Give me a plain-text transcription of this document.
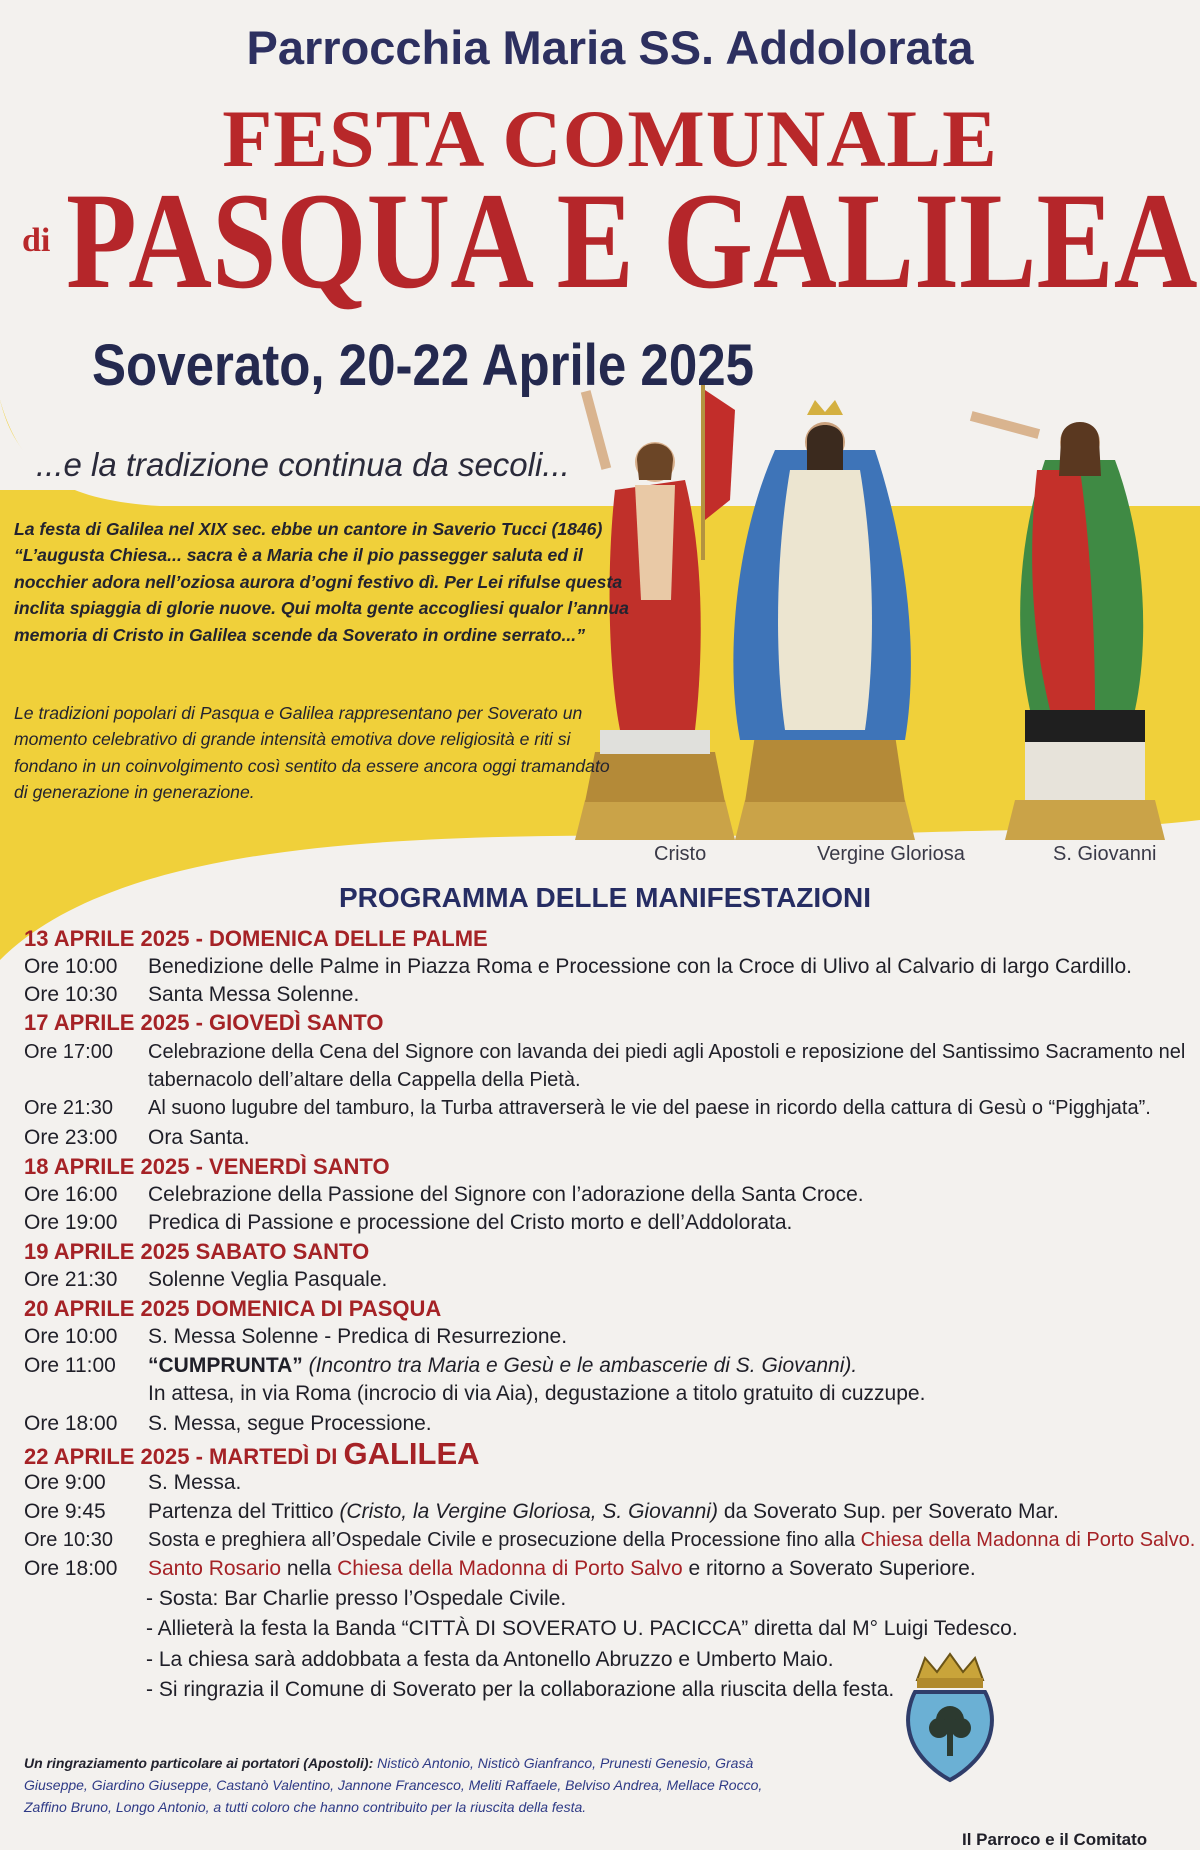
Parrocchia Maria SS. Addolorata

FESTA COMUNALE

di PASQUA E GALILEA

Soverato, 20-22 Aprile 2025

...e la tradizione continua da secoli...

La festa di Galilea nel XIX sec. ebbe un cantore in Saverio Tucci (1846) “L’augusta Chiesa... sacra è a Maria che il pio passegger saluta ed il nocchier adora nell’oziosa aurora d’ogni festivo dì. Per Lei rifulse questa inclita spiaggia di glorie nuove. Qui molta gente accogliesi qualor l’annua memoria di Cristo in Galilea scende da Soverato in ordine serrato...”

Le tradizioni popolari di Pasqua e Galilea rappresentano per Soverato un momento celebrativo di grande intensità emotiva dove religiosità e riti si fondano in un coinvolgimento così sentito da essere ancora oggi tramandato di generazione in generazione.

Cristo	Vergine Gloriosa	S. Giovanni

PROGRAMMA DELLE MANIFESTAZIONI

13 APRILE 2025 - DOMENICA DELLE PALME

Ore 10:00 Benedizione delle Palme in Piazza Roma e Processione con la Croce di Ulivo al Calvario di largo Cardillo.
Ore 10:30 Santa Messa Solenne.

17 APRILE 2025 - GIOVEDÌ SANTO

Ore 17:00 Celebrazione della Cena del Signore con lavanda dei piedi agli Apostoli e reposizione del Santissimo Sacramento nel tabernacolo dell’altare della Cappella della Pietà.
Ore 21:30 Al suono lugubre del tamburo, la Turba attraverserà le vie del paese in ricordo della cattura di Gesù o “Pigghjata”.
Ore 23:00 Ora Santa.

18 APRILE 2025 - VENERDÌ SANTO

Ore 16:00 Celebrazione della Passione del Signore con l’adorazione della Santa Croce.
Ore 19:00 Predica di Passione e processione del Cristo morto e dell’Addolorata.

19 APRILE 2025 SABATO SANTO

Ore 21:30 Solenne Veglia Pasquale.

20 APRILE 2025 DOMENICA DI PASQUA

Ore 10:00 S. Messa Solenne - Predica di Resurrezione.
Ore 11:00 “CUMPRUNTA” (Incontro tra Maria e Gesù e le ambascerie di S. Giovanni).
In attesa, in via Roma (incrocio di via Aia), degustazione a titolo gratuito di cuzzupe.
Ore 18:00 S. Messa, segue Processione.

22 APRILE 2025 - MARTEDÌ DI GALILEA

Ore 9:00 S. Messa.
Ore 9:45 Partenza del Trittico (Cristo, la Vergine Gloriosa, S. Giovanni) da Soverato Sup. per Soverato Mar.
Ore 10:30 Sosta e preghiera all’Ospedale Civile e prosecuzione della Processione fino alla Chiesa della Madonna di Porto Salvo.
Ore 18:00 Santo Rosario nella Chiesa della Madonna di Porto Salvo e ritorno a Soverato Superiore.

- Sosta: Bar Charlie presso l’Ospedale Civile.

- Allieterà la festa la Banda “CITTÀ DI SOVERATO U. PACICCA” diretta dal M° Luigi Tedesco.

- La chiesa sarà addobbata a festa da Antonello Abruzzo e Umberto Maio.

- Si ringrazia il Comune di Soverato per la collaborazione alla riuscita della festa.

Un ringraziamento particolare ai portatori (Apostoli): Nisticò Antonio, Nisticò Gianfranco, Prunesti Genesio, Grasà Giuseppe, Giardino Giuseppe, Castanò Valentino, Jannone Francesco, Meliti Raffaele, Belviso Andrea, Mellace Rocco, Zaffino Bruno, Longo Antonio, a tutti coloro che hanno contribuito per la riuscita della festa.

Il Parroco e il Comitato
